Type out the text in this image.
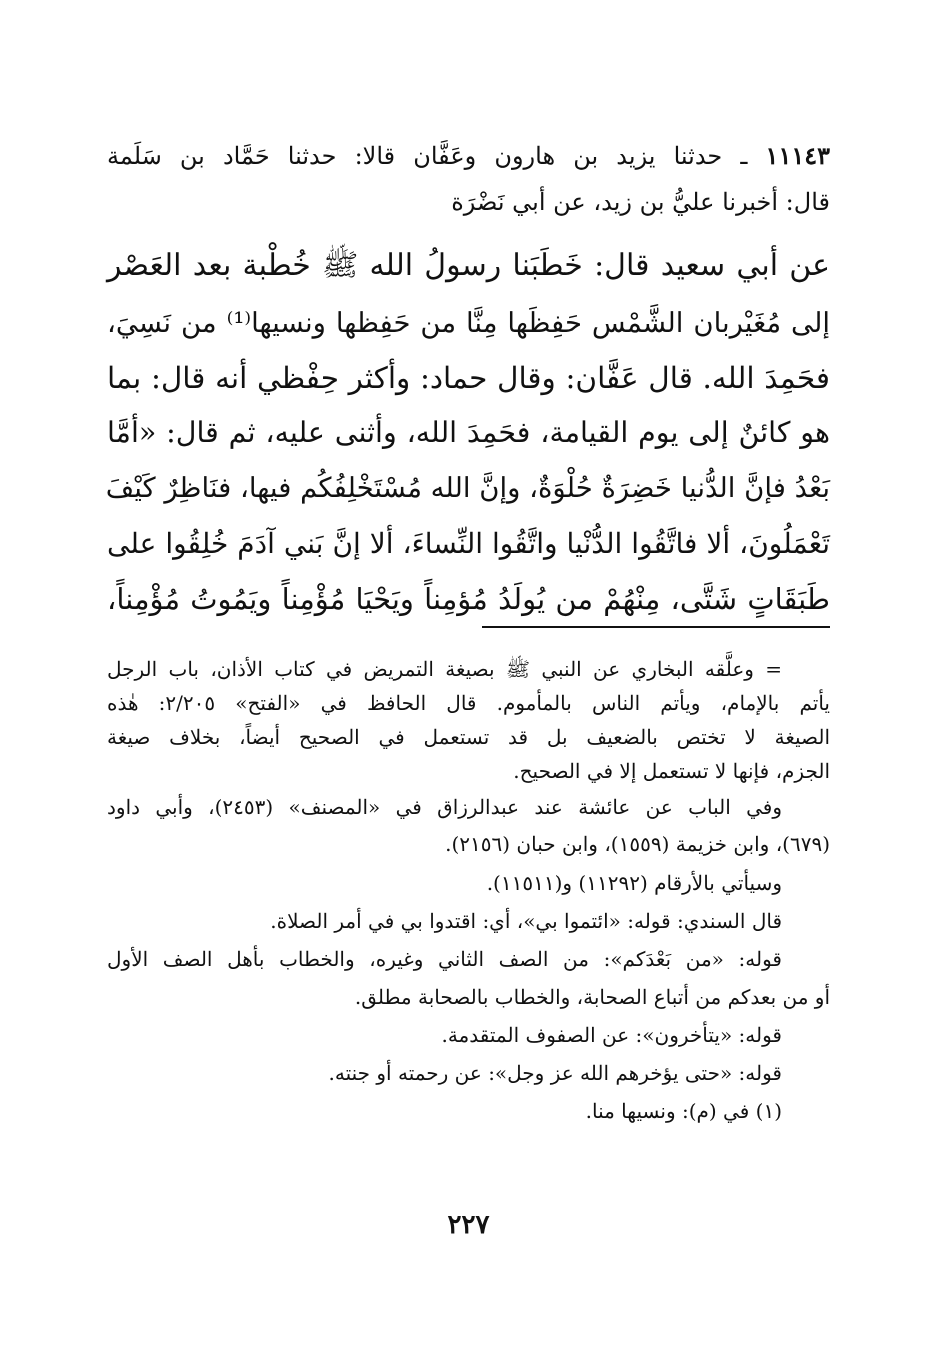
١١١٤٣ ـ حدثنا يزيد بن هارون وعَفَّان قالا: حدثنا حَمَّاد بن سَلَمة
قال: أخبرنا عليُّ بن زيد، عن أبي نَضْرَة
عن أبي سعيد قال: خَطَبَنا رسولُ الله ﷺ خُطْبة بعد العَصْر
إلى مُغَيْربان الشَّمْس حَفِظَها مِنَّا من حَفِظها ونسيها⁽¹⁾ من نَسِيَ،
فحَمِدَ الله. قال عَفَّان: وقال حماد: وأكثر حِفْظي أنه قال: بما
هو كائنٌ إلى يوم القيامة، فحَمِدَ الله، وأثنى عليه، ثم قال: «أمَّا
بَعْدُ فإنَّ الدُّنيا خَضِرَةٌ حُلْوَةٌ، وإنَّ الله مُسْتَخْلِفُكُم فيها، فنَاظِرٌ كَيْفَ
تَعْمَلُونَ، ألا فاتَّقُوا الدُّنْيا واتَّقُوا النِّساءَ، ألا إنَّ بَني آدَمَ خُلِقُوا على
طَبَقَاتٍ شَتَّى، مِنْهُمْ من يُولَدُ مُؤمِناً ويَحْيَا مُؤْمِناً ويَمُوتُ مُؤْمِناً،
= وعلَّقه البخاري عن النبي ﷺ بصيغة التمريض في كتاب الأذان، باب الرجل
يأتم بالإمام، ويأتم الناس بالمأموم. قال الحافظ في «الفتح» ٢/٢٠٥: هٰذه
الصيغة لا تختص بالضعيف بل قد تستعمل في الصحيح أيضاً، بخلاف صيغة
الجزم، فإنها لا تستعمل إلا في الصحيح.
وفي الباب عن عائشة عند عبدالرزاق في «المصنف» (٢٤٥٣)، وأبي داود
(٦٧٩)، وابن خزيمة (١٥٥٩)، وابن حبان (٢١٥٦).
وسيأتي بالأرقام (١١٢٩٢) و(١١٥١١).
قال السندي: قوله: «ائتموا بي»، أي: اقتدوا بي في أمر الصلاة.
قوله: «من بَعْدَكم»: من الصف الثاني وغيره، والخطاب بأهل الصف الأول
أو من بعدكم من أتباع الصحابة، والخطاب بالصحابة مطلق.
قوله: «يتأخرون»: عن الصفوف المتقدمة.
قوله: «حتى يؤخرهم الله عز وجل»: عن رحمته أو جنته.
(١) في (م): ونسيها منا.
٢٢٧
